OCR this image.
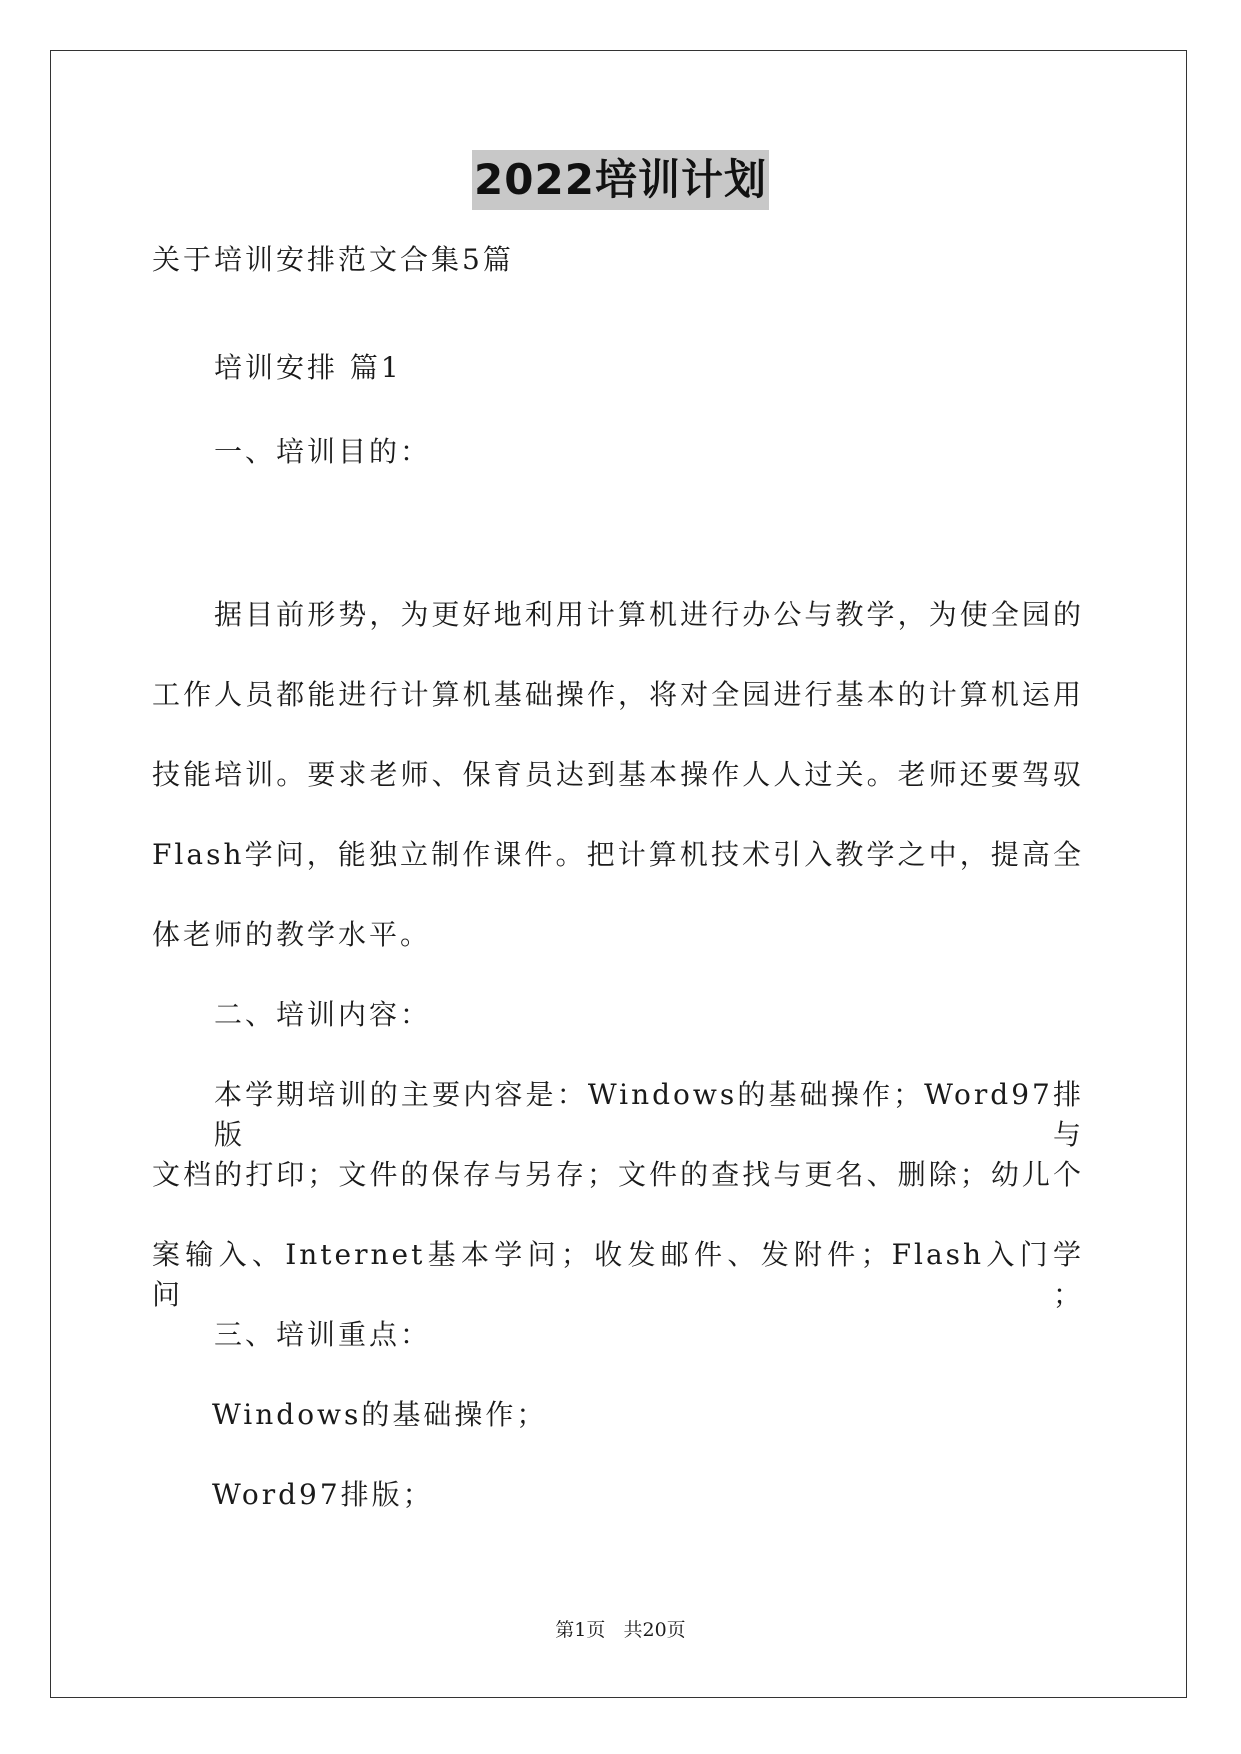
2022培训计划
关于培训安排范文合集5篇
培训安排 篇1
一、培训目的：
据目前形势，为更好地利用计算机进行办公与教学，为使全园的
工作人员都能进行计算机基础操作，将对全园进行基本的计算机运用
技能培训。要求老师、保育员达到基本操作人人过关。老师还要驾驭
Flash学问，能独立制作课件。把计算机技术引入教学之中，提高全
体老师的教学水平。
二、培训内容：
本学期培训的主要内容是：Windows的基础操作；Word97排版与
文档的打印；文件的保存与另存；文件的查找与更名、删除；幼儿个
案输入、Internet基本学问；收发邮件、发附件；Flash入门学问；
三、培训重点：
Windows的基础操作；
Word97排版；
第1页   共20页
